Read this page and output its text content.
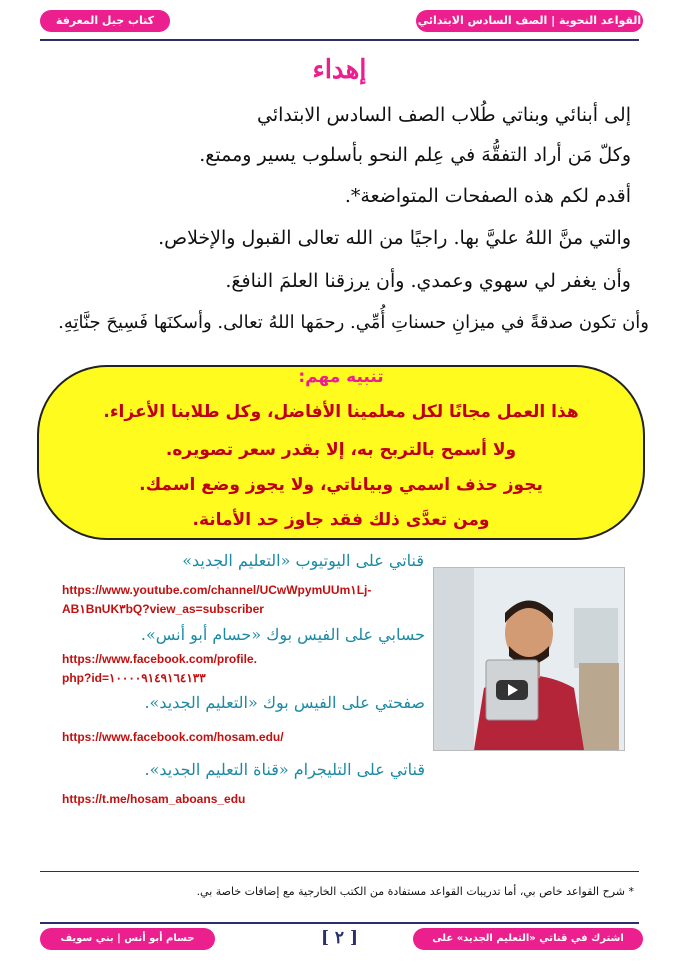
القواعد النحوية | الصف السادس الابتدائي
كتاب جيل المعرفة
إهداء
إلى أبنائي وبناتي طُلاب الصف السادس الابتدائي
وكلّ مَن أراد التفقُّهَ في عِلم النحو بأسلوب يسير وممتع.
أقدم لكم هذه الصفحات المتواضعة*.
والتي منَّ اللهُ عليَّ بها. راجيًا من الله تعالى القبول والإخلاص.
وأن يغفر لي سهوي وعمدي. وأن يرزقنا العلمَ النافعَ.
وأن تكون صدقةً في ميزانِ حسناتِ أُمِّي. رحمَها اللهُ تعالى. وأسكنَها فَسِيحَ جنَّاتِهِ.
تنبيه مهم:
هذا العمل مجانًا لكل معلمينا الأفاضل، وكل طلابنا الأعزاء.
ولا أسمح بالتربح به، إلا بقدر سعر تصويره.
يجوز حذف اسمي وبياناتي، ولا يجوز وضع اسمك.
ومن تعدَّى ذلك فقد جاوز حد الأمانة.
قناتي على اليوتيوب «التعليم الجديد»
https://www.youtube.com/channel/UCwWpymUUm١Lj-
AB١BnUK٣bQ?view_as=subscriber
حسابي على الفيس بوك «حسام أبو أنس».
https://www.facebook.com/profile.
php?id=١٠٠٠٠٩١٤٩١٦٤١٣٣
صفحتي على الفيس بوك «التعليم الجديد».
https://www.facebook.com/hosam.edu/
قناتي على التليجرام «قناة التعليم الجديد».
https://t.me/hosam_aboans_edu
* شرح القواعد خاص بي، أما تدريبات القواعد مستفادة من الكتب الخارجية مع إضافات خاصة بي.
اشترك في قناتي «التعليم الجديد» على اليوتيوب
[ ٢ ]
حسام أبو أنس | بني سويف
